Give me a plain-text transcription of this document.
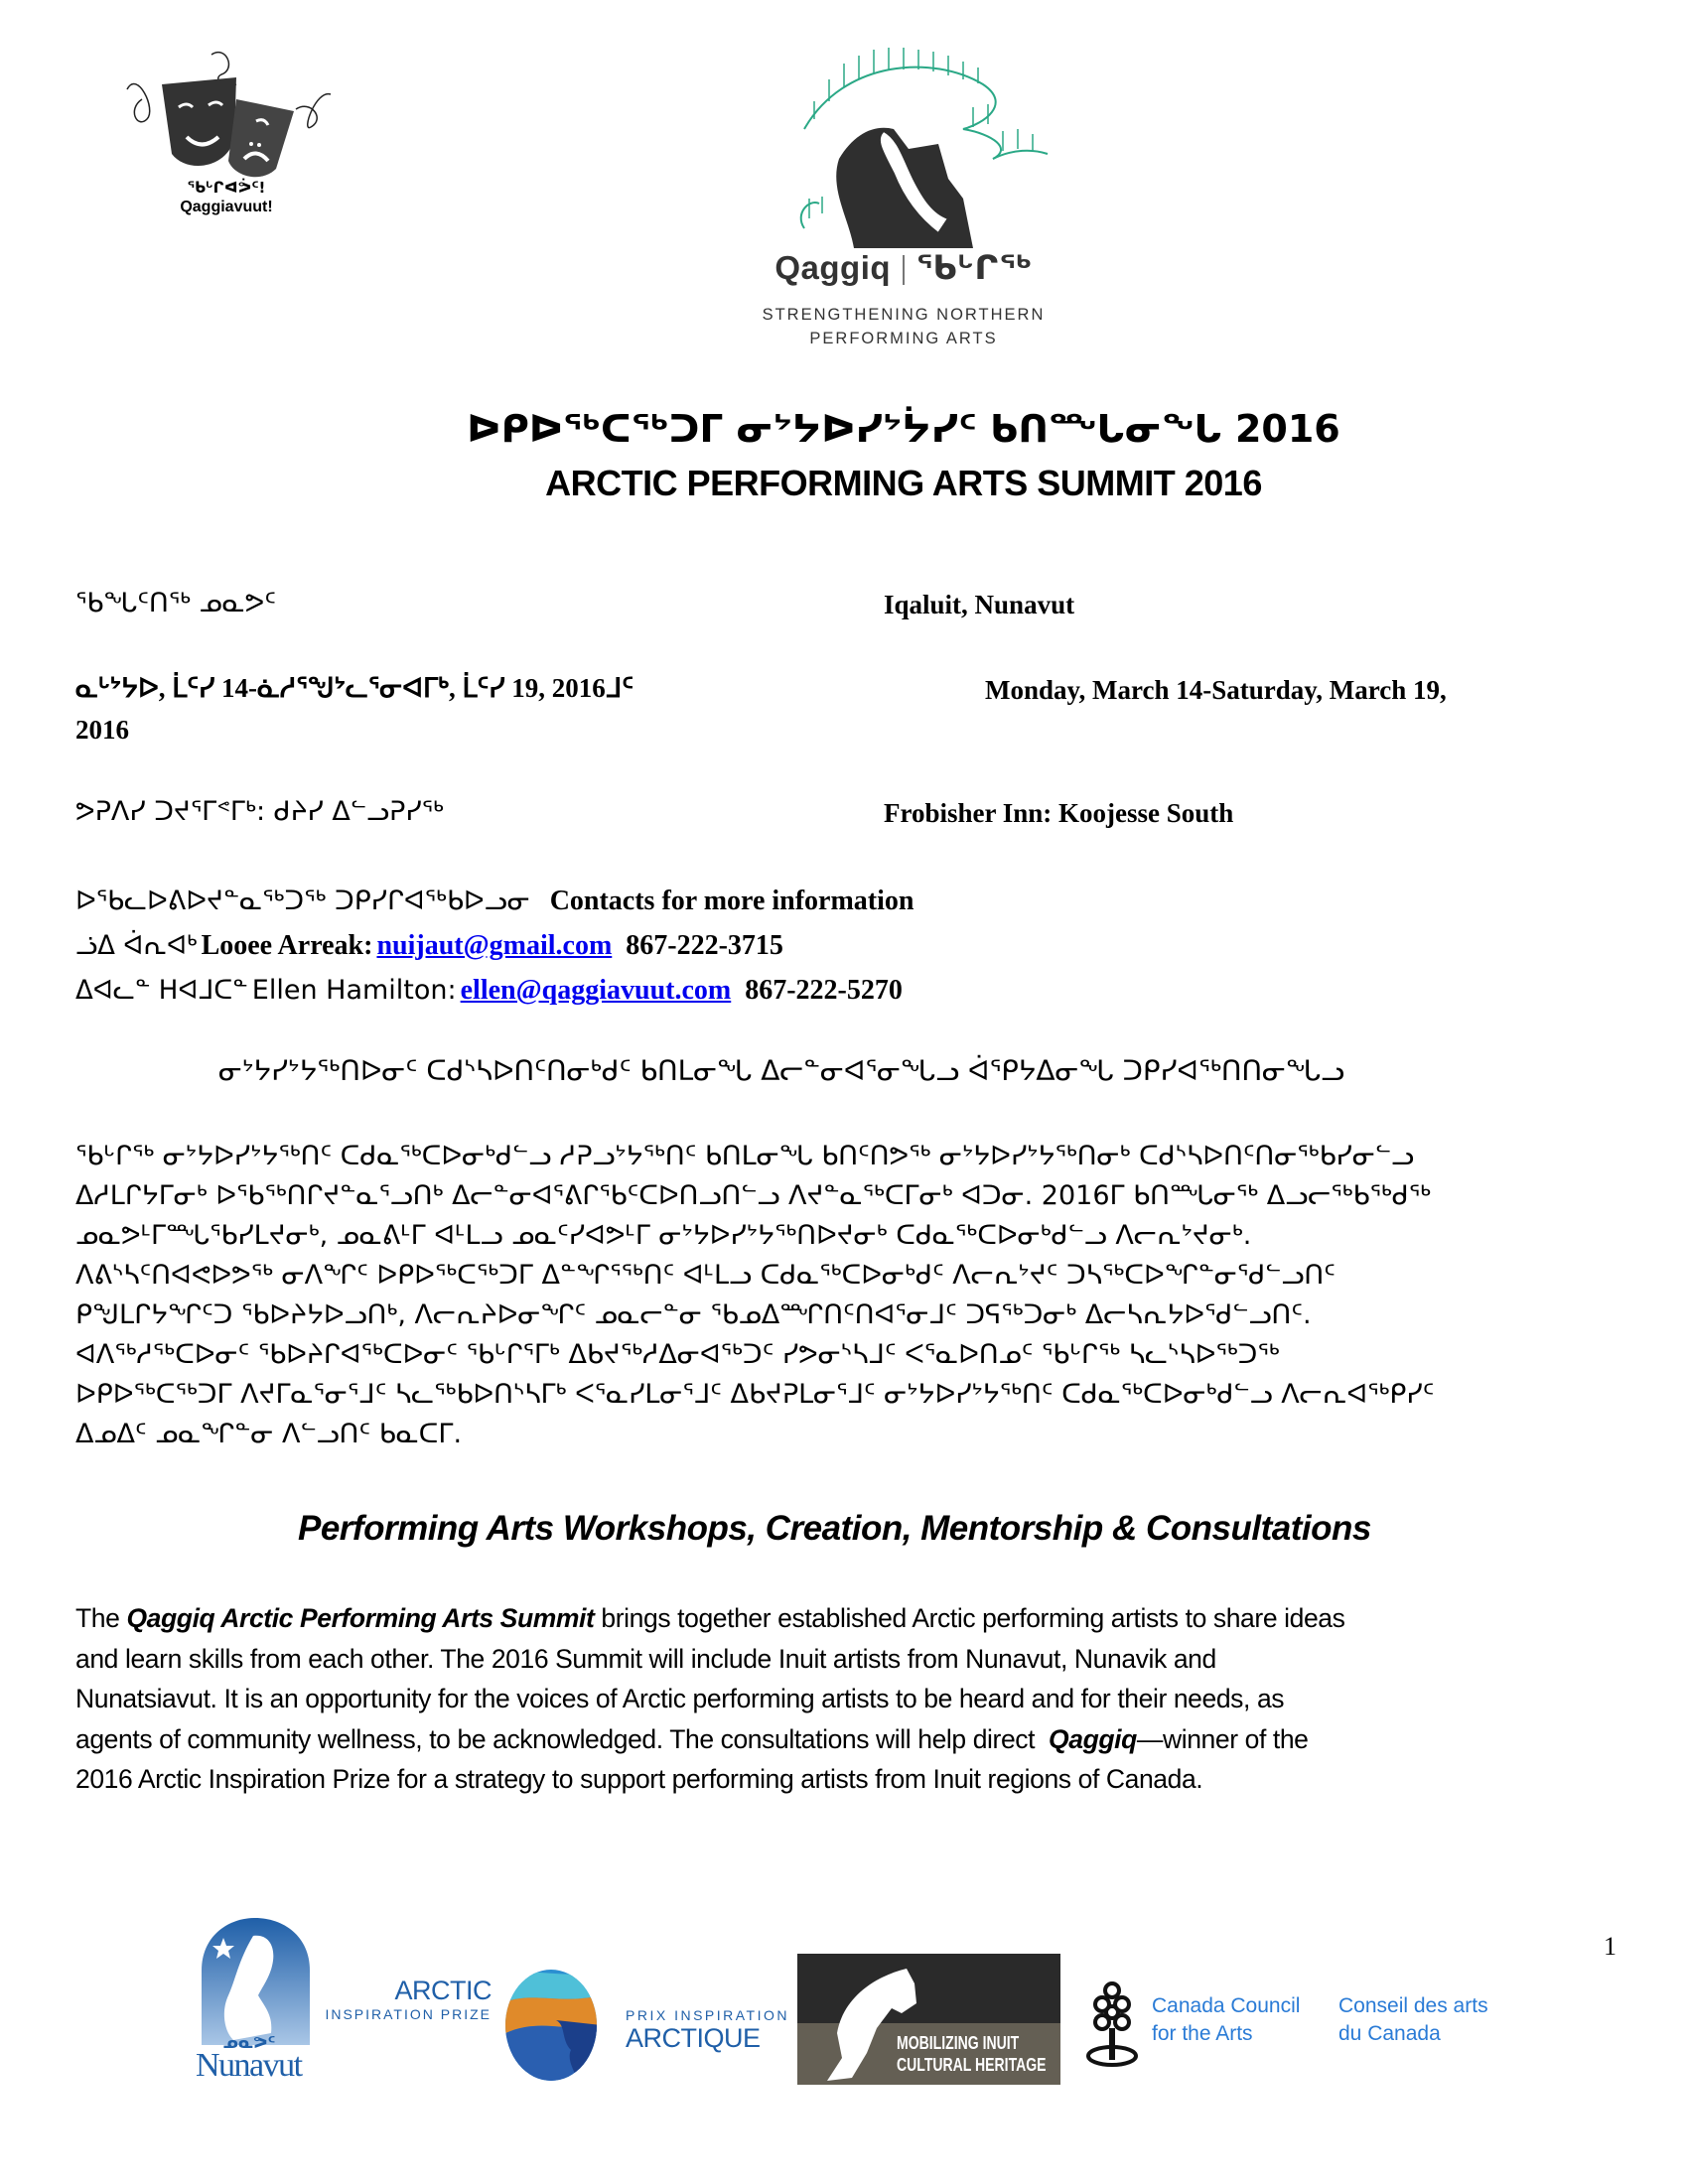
ᖃᒡᒋᐊᕘᑦ!
Qaggiavuut!
Qaggiq ᖃᒡᒋᖅ
STRENGTHENING NORTHERN
PERFORMING ARTS
ᐅᑭᐅᖅᑕᖅᑐᒥ ᓂᔾᔭᐅᓯᔾᔮᓯᑦ ᑲᑎᙵᓂᖓ 2016
ARCTIC PERFORMING ARTS SUMMIT 2016
ᖃᖓᑦᑎᖅ ᓄᓇᕗᑦ	Iqaluit, Nunavut
ᓇᒡᔾᔭᐅ, ᒫᑦᓯ 14-ᓈᓱᕐᖑᔾᓚᕐᓂᐊᒥᒃ, ᒫᑦᓯ 19, 2016ᒧᑦ
2016
Monday, March 14-Saturday, March 19,
ᕗᕈᐱᓯ ᑐᔪᕐᒥᕝᒥᒃ: ᑯᔨᓯ ᐃᓪᓗᕈᓯᖅ	Frobisher Inn: Koojesse South
ᐅᖃᓚᐅᕕᐅᔪᓐᓇᖅᑐᖅ ᑐᑭᓯᒋᐊᖅᑲᐅᓗᓂ Contacts for more information
ᓘᐃ ᐋᕆᐊᒃ Looee Arreak: nuijaut@gmail.com 867-222-3715
ᐃᐊᓚᓐ ᕼᐊᒧᑕᓐ Ellen Hamilton: ellen@qaggiavuut.com 867-222-5270
ᓂᔾᔭᓯᔾᔭᖅᑎᐅᓂᑦ ᑕᑯᔅᓴᐅᑎᑦᑎᓂᒃᑯᑦ ᑲᑎᒪᓂᖓ ᐃᓕᓐᓂᐊᕐᓂᖓᓗ ᐋᕿᔭᐃᓂᖓ ᑐᑭᓯᐊᖅᑎᑎᓂᖓᓗ
ᖃᒡᒋᖅ ᓂᔾᔭᐅᓯᔾᔭᖅᑎᑦ ᑕᑯᓇᖅᑕᐅᓂᒃᑯᓪᓗ ᓱᕈᓗᔾᔭᖅᑎᑦ ᑲᑎᒪᓂᖓ ᑲᑎᑦᑎᕗᖅ ᓂᔾᔭᐅᓯᔾᔭᖅᑎᓂᒃ ᑕᑯᔅᓴᐅᑎᑦᑎᓂᖅᑲᓯᓂᓪᓗ
ᐃᓱᒪᒋᔭᒥᓂᒃ ᐅᖃᖅᑎᒋᔪᓐᓇᕐᓗᑎᒃ ᐃᓕᓐᓂᐊᕐᕕᒋᖃᑦᑕᐅᑎᓗᑎᓪᓗ ᐱᔪᓐᓇᖅᑕᒥᓂᒃ ᐊᑐᓂ. 2016ᒥ ᑲᑎᙵᓂᖅ ᐃᓗᓕᖅᑲᖅᑯᖅ
ᓄᓇᕗᒻᒥᙵᖃᓯᒪᔪᓂᒃ, ᓄᓇᕕᒻᒥ ᐊᒻᒪᓗ ᓄᓇᑦᓯᐊᕗᒻᒥ ᓂᔾᔭᐅᓯᔾᔭᖅᑎᐅᔪᓂᒃ ᑕᑯᓇᖅᑕᐅᓂᒃᑯᓪᓗ ᐱᓕᕆᔾᔪᓂᒃ.
ᐱᕕᔅᓴᑦᑎᐊᕙᐅᕗᖅ ᓂᐱᖏᑦ ᐅᑭᐅᖅᑕᖅᑐᒥ ᐃᓐᖏᕐᖅᑎᑦ ᐊᒻᒪᓗ ᑕᑯᓇᖅᑕᐅᓂᒃᑯᑦ ᐱᓕᕆᔾᔪᑦ ᑐᓴᖅᑕᐅᖏᓐᓂᕐᑯᓪᓗᑎᑦ
ᑭᖑᒪᒋᔭᖏᑦᑐ ᖃᐅᔨᔭᐅᓗᑎᒃ, ᐱᓕᕆᔨᐅᓂᖏᑦ ᓄᓇᓕᓐᓂ ᖃᓄᐃᙱᑎᑦᑎᐊᕐᓂᒧᑦ ᑐᕋᖅᑐᓂᒃ ᐃᓕᓴᕆᔭᐅᕐᑯᓪᓗᑎᑦ.
ᐊᐱᖅᓱᖅᑕᐅᓂᑦ ᖃᐅᔨᒋᐊᖅᑕᐅᓂᑦ ᖃᒡᒋᕐᒥᒃ ᐃᑲᔪᖅᓱᐃᓂᐊᖅᑐᑦ ᓯᕗᓂᔅᓴᒧᑦ ᐸᕐᓇᐅᑎᓄᑦ ᖃᒡᒋᖅ ᓴᓚᔅᓴᐅᖅᑐᖅ
ᐅᑭᐅᖅᑕᖅᑐᒥ ᐱᔪᒥᓇᕐᓂᕐᒧᑦ ᓴᓚᖅᑲᐅᑎᔅᓴᒥᒃ ᐸᕐᓇᓯᒪᓂᕐᒧᑦ ᐃᑲᔪᕈᒪᓂᕐᒧᑦ ᓂᔾᔭᐅᓯᔾᔭᖅᑎᑦ ᑕᑯᓇᖅᑕᐅᓂᒃᑯᓪᓗ ᐱᓕᕆᐊᖅᑭᓯᑦ
ᐃᓄᐃᑦ ᓄᓇᖏᓐᓂ ᐱᓪᓗᑎᑦ ᑲᓇᑕᒥ.
Performing Arts Workshops, Creation, Mentorship & Consultations
The Qaggiq Arctic Performing Arts Summit brings together established Arctic performing artists to share ideas
and learn skills from each other. The 2016 Summit will include Inuit artists from Nunavut, Nunavik and
Nunatsiavut. It is an opportunity for the voices of Arctic performing artists to be heard and for their needs, as
agents of community wellness, to be acknowledged. The consultations will help direct  Qaggiq—winner of the
2016 Arctic Inspiration Prize for a strategy to support performing artists from Inuit regions of Canada.
ᓄᓇᕗᑦ
Nunavut
ARCTIC
INSPIRATION PRIZE	PRIX INSPIRATION
ARCTIQUE	MOBILIZING INUIT
CULTURAL HERITAGE
Canada Council
for the Arts
Conseil des arts
du Canada
1
